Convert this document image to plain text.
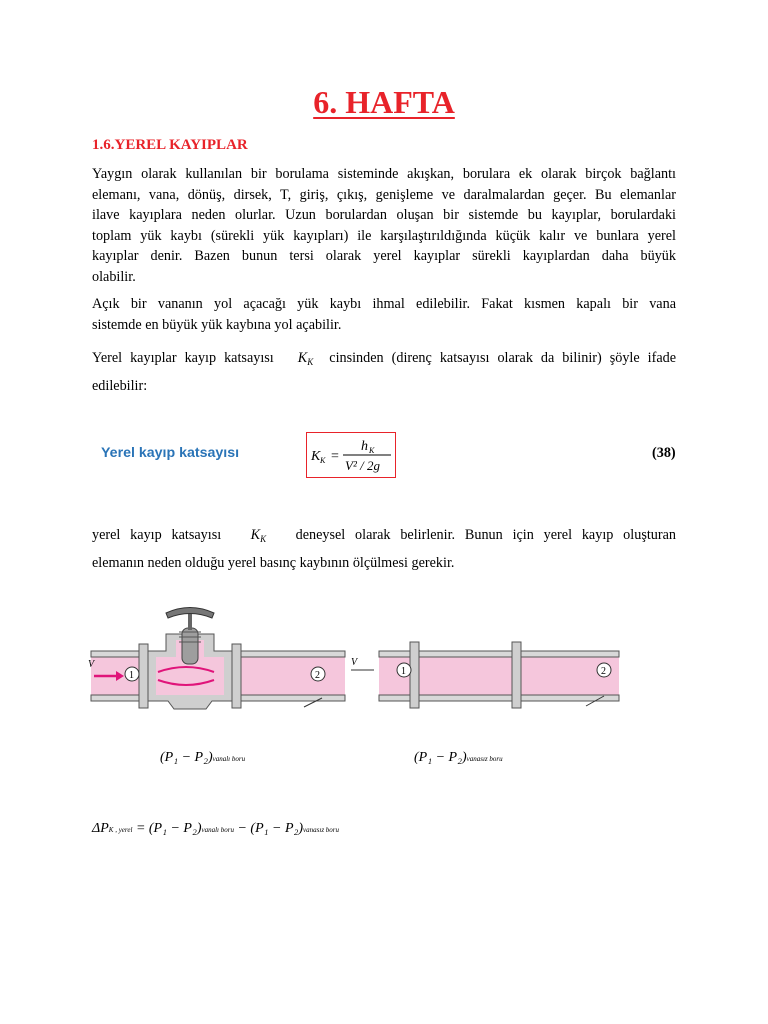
6. HAFTA
1.6.YEREL KAYIPLAR
Yaygın olarak kullanılan bir borulama sisteminde akışkan, borulara ek olarak birçok bağlantı
elemanı, vana, dönüş, dirsek, T, giriş, çıkış, genişleme ve daralmalardan geçer. Bu elemanlar
ilave kayıplara neden olurlar. Uzun borulardan oluşan bir sistemde bu kayıplar, borulardaki
toplam yük kaybı (sürekli yük kayıpları) ile karşılaştırıldığında küçük kalır ve bunlara yerel
kayıplar denir. Bazen bunun tersi olarak yerel kayıplar sürekli kayıplardan daha büyük
olabilir.
Açık bir vananın yol açacağı yük kaybı ihmal edilebilir. Fakat kısmen kapalı bir vana
sistemde en büyük yük kaybına yol açabilir.
Yerel kayıplar kayıp katsayısı $K_K$ cinsinden (direnç katsayısı olarak da bilinir) şöyle ifade
edilebilir:
Yerel kayıp katsayısı	K K =
h K
V² / 2g
(38)
yerel kayıp katsayısı $K_K$ deneysel olarak belirlenir. Bunun için yerel kayıp oluşturan
elemanın neden olduğu yerel basınç kaybının ölçülmesi gerekir.
1	2
V
1	2
V
(P₁ − P₂)vanalı boru	(P₁ − P₂)vanasız boru
ΔPK , yerel = (P₁ − P₂)vanalı boru − (P₁ − P₂)vanasız boru
